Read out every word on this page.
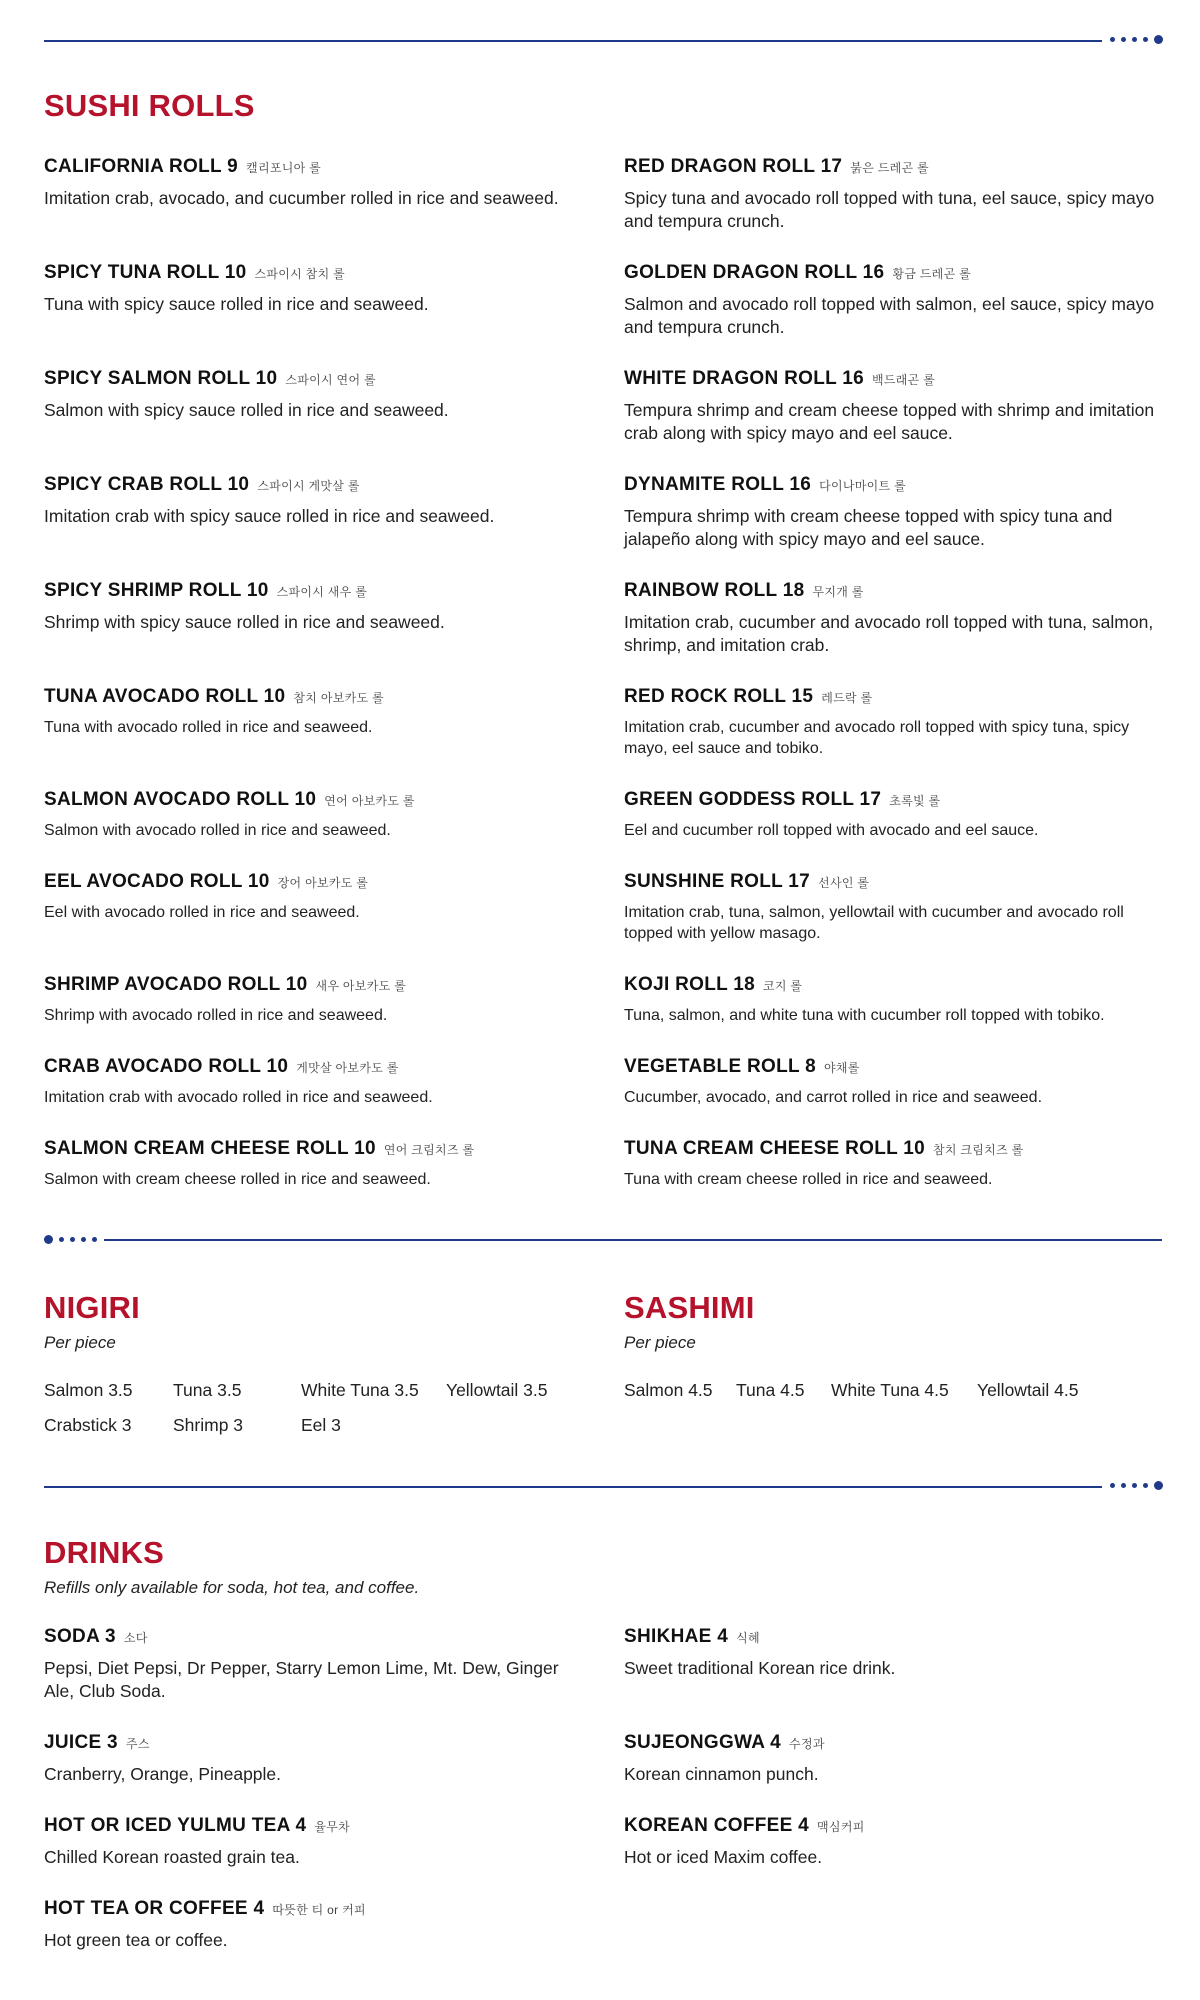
SUSHI ROLLS
CALIFORNIA ROLL 9 캘리포니아 롤
Imitation crab, avocado, and cucumber rolled in rice and seaweed.
SPICY TUNA ROLL 10 스파이시 참치 롤
Tuna with spicy sauce rolled in rice and seaweed.
SPICY SALMON ROLL 10 스파이시 연어 롤
Salmon with spicy sauce rolled in rice and seaweed.
SPICY CRAB ROLL 10 스파이시 게맛살 롤
Imitation crab with spicy sauce rolled in rice and seaweed.
SPICY SHRIMP ROLL 10 스파이시 새우 롤
Shrimp with spicy sauce rolled in rice and seaweed.
TUNA AVOCADO ROLL 10 참치 아보카도 롤
Tuna with avocado rolled in rice and seaweed.
SALMON AVOCADO ROLL 10 연어 아보카도 롤
Salmon with avocado rolled in rice and seaweed.
EEL AVOCADO ROLL 10 장어 아보카도 롤
Eel with avocado rolled in rice and seaweed.
SHRIMP AVOCADO ROLL 10 새우 아보카도 롤
Shrimp with avocado rolled in rice and seaweed.
CRAB AVOCADO ROLL 10 게맛살 아보카도 롤
Imitation crab with avocado rolled in rice and seaweed.
SALMON CREAM CHEESE ROLL 10 연어 크림치즈 롤
Salmon with cream cheese rolled in rice and seaweed.
RED DRAGON ROLL 17 붉은 드레곤 롤
Spicy tuna and avocado roll topped with tuna, eel sauce, spicy mayo and tempura crunch.
GOLDEN DRAGON ROLL 16 황금 드레곤 롤
Salmon and avocado roll topped with salmon, eel sauce, spicy mayo and tempura crunch.
WHITE DRAGON ROLL 16 백드래곤 롤
Tempura shrimp and cream cheese topped with shrimp and imitation crab along with spicy mayo and eel sauce.
DYNAMITE ROLL 16 다이나마이트 롤
Tempura shrimp with cream cheese topped with spicy tuna and jalapeño along with spicy mayo and eel sauce.
RAINBOW ROLL 18 무지개 롤
Imitation crab, cucumber and avocado roll topped with tuna, salmon, shrimp, and imitation crab.
RED ROCK ROLL 15 레드락 롤
Imitation crab, cucumber and avocado roll topped with spicy tuna, spicy mayo, eel sauce and tobiko.
GREEN GODDESS ROLL 17 초록빛 롤
Eel and cucumber roll topped with avocado and eel sauce.
SUNSHINE ROLL 17 선사인 롤
Imitation crab, tuna, salmon, yellowtail with cucumber and avocado roll topped with yellow masago.
KOJI ROLL 18 코지 롤
Tuna, salmon, and white tuna with cucumber roll topped with tobiko.
VEGETABLE ROLL 8 야채롤
Cucumber, avocado, and carrot rolled in rice and seaweed.
TUNA CREAM CHEESE ROLL 10 참치 크림치즈 롤
Tuna with cream cheese rolled in rice and seaweed.
NIGIRI
Per piece
Salmon 3.5 Tuna 3.5	White Tuna 3.5 Yellowtail 3.5
Crabstick 3 Shrimp 3	Eel 3
SASHIMI
Per piece
Salmon 4.5 Tuna 4.5 White Tuna 4.5 Yellowtail 4.5
DRINKS
Refills only available for soda, hot tea, and coffee.
SODA 3 소다
Pepsi, Diet Pepsi, Dr Pepper, Starry Lemon Lime, Mt. Dew, Ginger Ale, Club Soda.
JUICE 3 주스
Cranberry, Orange, Pineapple.
HOT OR ICED YULMU TEA 4 율무차
Chilled Korean roasted grain tea.
HOT TEA OR COFFEE 4 따뜻한 티 or 커피
Hot green tea or coffee.
SHIKHAE 4 식혜
Sweet traditional Korean rice drink.
SUJEONGGWA 4 수정과
Korean cinnamon punch.
KOREAN COFFEE 4 맥심커피
Hot or iced Maxim coffee.
